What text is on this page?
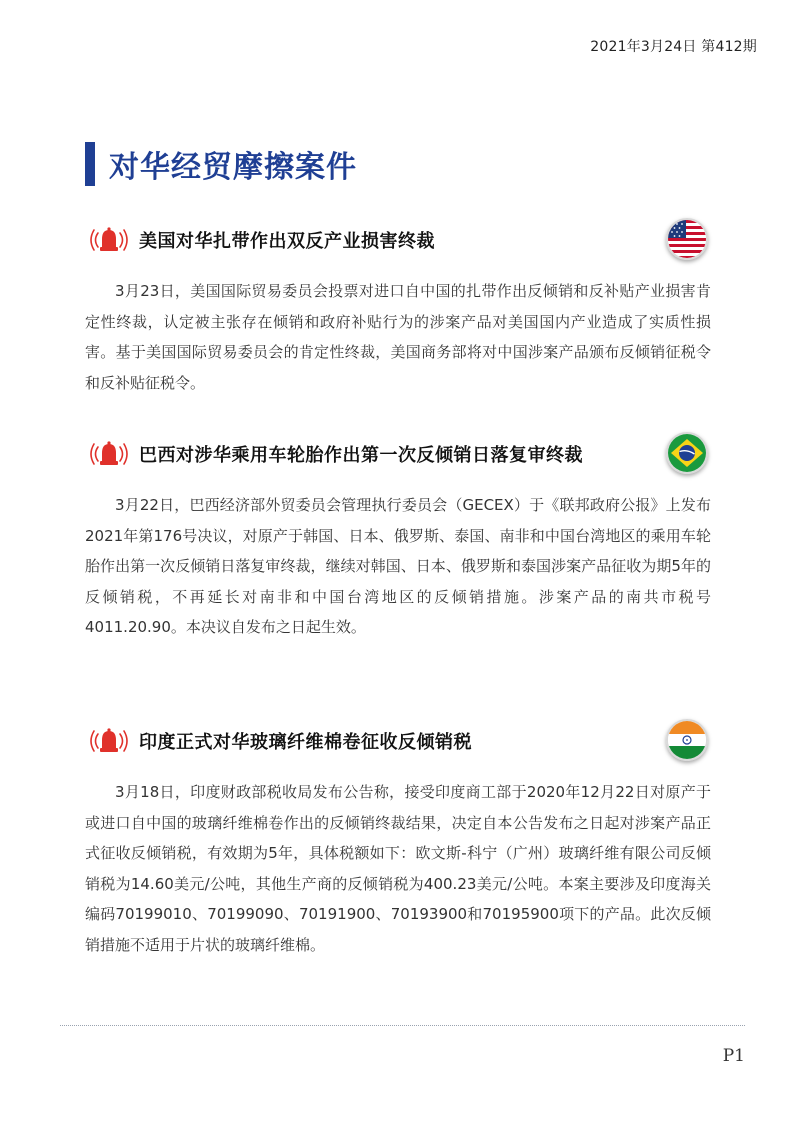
2021年3月24日 第412期
对华经贸摩擦案件
美国对华扎带作出双反产业损害终裁
3月23日，美国国际贸易委员会投票对进口自中国的扎带作出反倾销和反补贴产业损害肯定性终裁，认定被主张存在倾销和政府补贴行为的涉案产品对美国国内产业造成了实质性损害。基于美国国际贸易委员会的肯定性终裁，美国商务部将对中国涉案产品颁布反倾销征税令和反补贴征税令。
巴西对涉华乘用车轮胎作出第一次反倾销日落复审终裁
3月22日，巴西经济部外贸委员会管理执行委员会（GECEX）于《联邦政府公报》上发布2021年第176号决议，对原产于韩国、日本、俄罗斯、泰国、南非和中国台湾地区的乘用车轮胎作出第一次反倾销日落复审终裁，继续对韩国、日本、俄罗斯和泰国涉案产品征收为期5年的反倾销税，不再延长对南非和中国台湾地区的反倾销措施。涉案产品的南共市税号4011.20.90。本决议自发布之日起生效。
印度正式对华玻璃纤维棉卷征收反倾销税
3月18日，印度财政部税收局发布公告称，接受印度商工部于2020年12月22日对原产于或进口自中国的玻璃纤维棉卷作出的反倾销终裁结果，决定自本公告发布之日起对涉案产品正式征收反倾销税，有效期为5年，具体税额如下：欧文斯-科宁（广州）玻璃纤维有限公司反倾销税为14.60美元/公吨，其他生产商的反倾销税为400.23美元/公吨。本案主要涉及印度海关编码70199010、70199090、70191900、70193900和70195900项下的产品。此次反倾销措施不适用于片状的玻璃纤维棉。
P1
